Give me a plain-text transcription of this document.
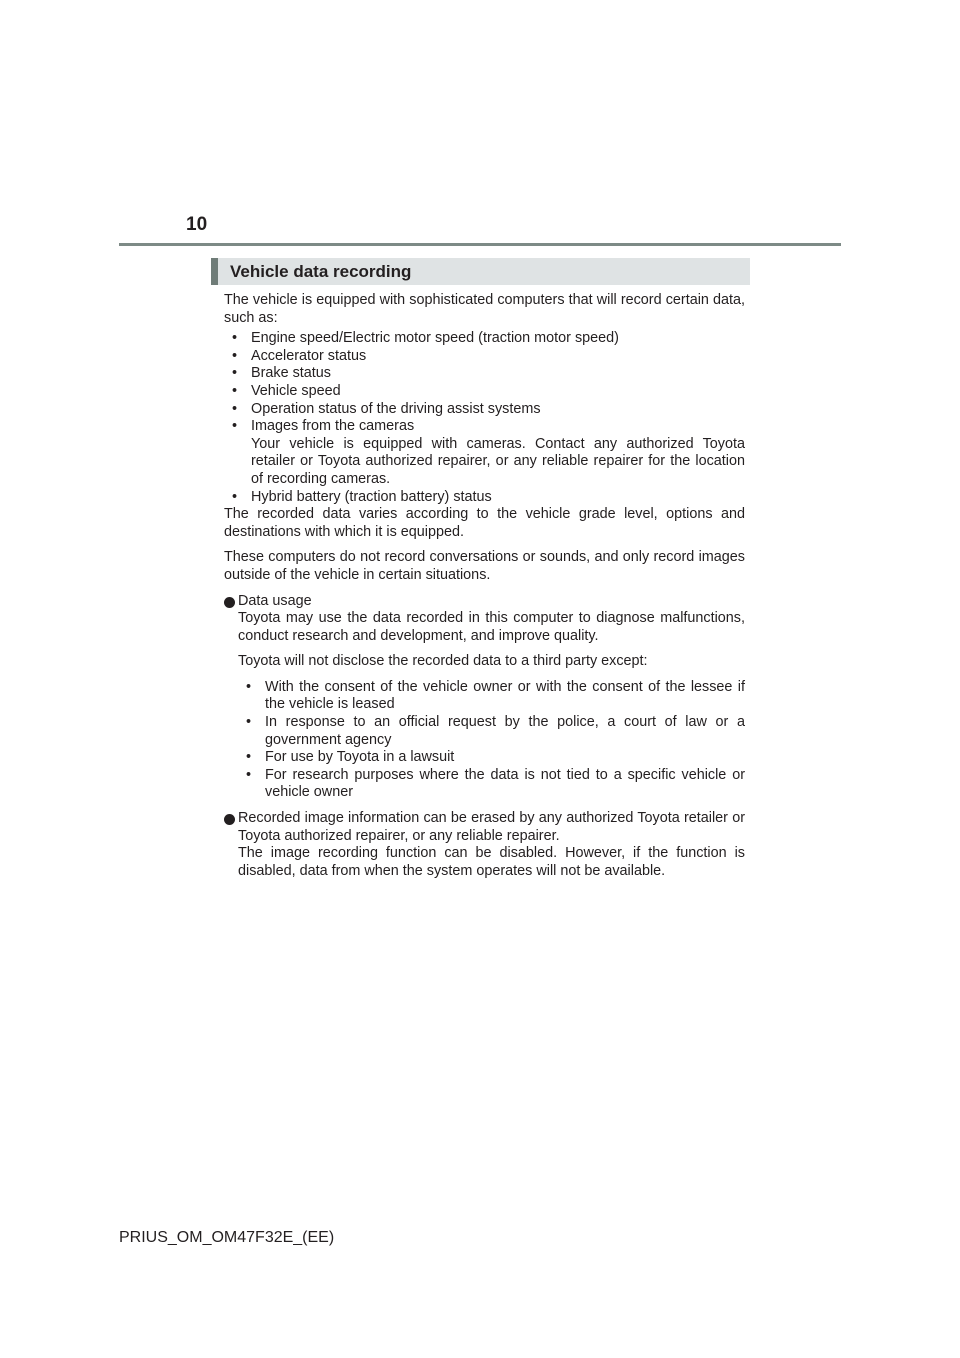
10
Vehicle data recording

The vehicle is equipped with sophisticated computers that will record certain data, such as:

• Engine speed/Electric motor speed (traction motor speed)
• Accelerator status
• Brake status
• Vehicle speed
• Operation status of the driving assist systems
• Images from the cameras
Your vehicle is equipped with cameras. Contact any authorized Toyota retailer or Toyota authorized repairer, or any reliable repairer for the location of recording cameras.
• Hybrid battery (traction battery) status

The recorded data varies according to the vehicle grade level, options and destinations with which it is equipped.

These computers do not record conversations or sounds, and only record images outside of the vehicle in certain situations.

Data usage

Toyota may use the data recorded in this computer to diagnose malfunctions, conduct research and development, and improve quality.

Toyota will not disclose the recorded data to a third party except:

• With the consent of the vehicle owner or with the consent of the lessee if the vehicle is leased
• In response to an official request by the police, a court of law or a government agency
• For use by Toyota in a lawsuit
• For research purposes where the data is not tied to a specific vehicle or vehicle owner

Recorded image information can be erased by any authorized Toyota retailer or Toyota authorized repairer, or any reliable repairer.

The image recording function can be disabled. However, if the function is disabled, data from when the system operates will not be available.

PRIUS_OM_OM47F32E_(EE)
